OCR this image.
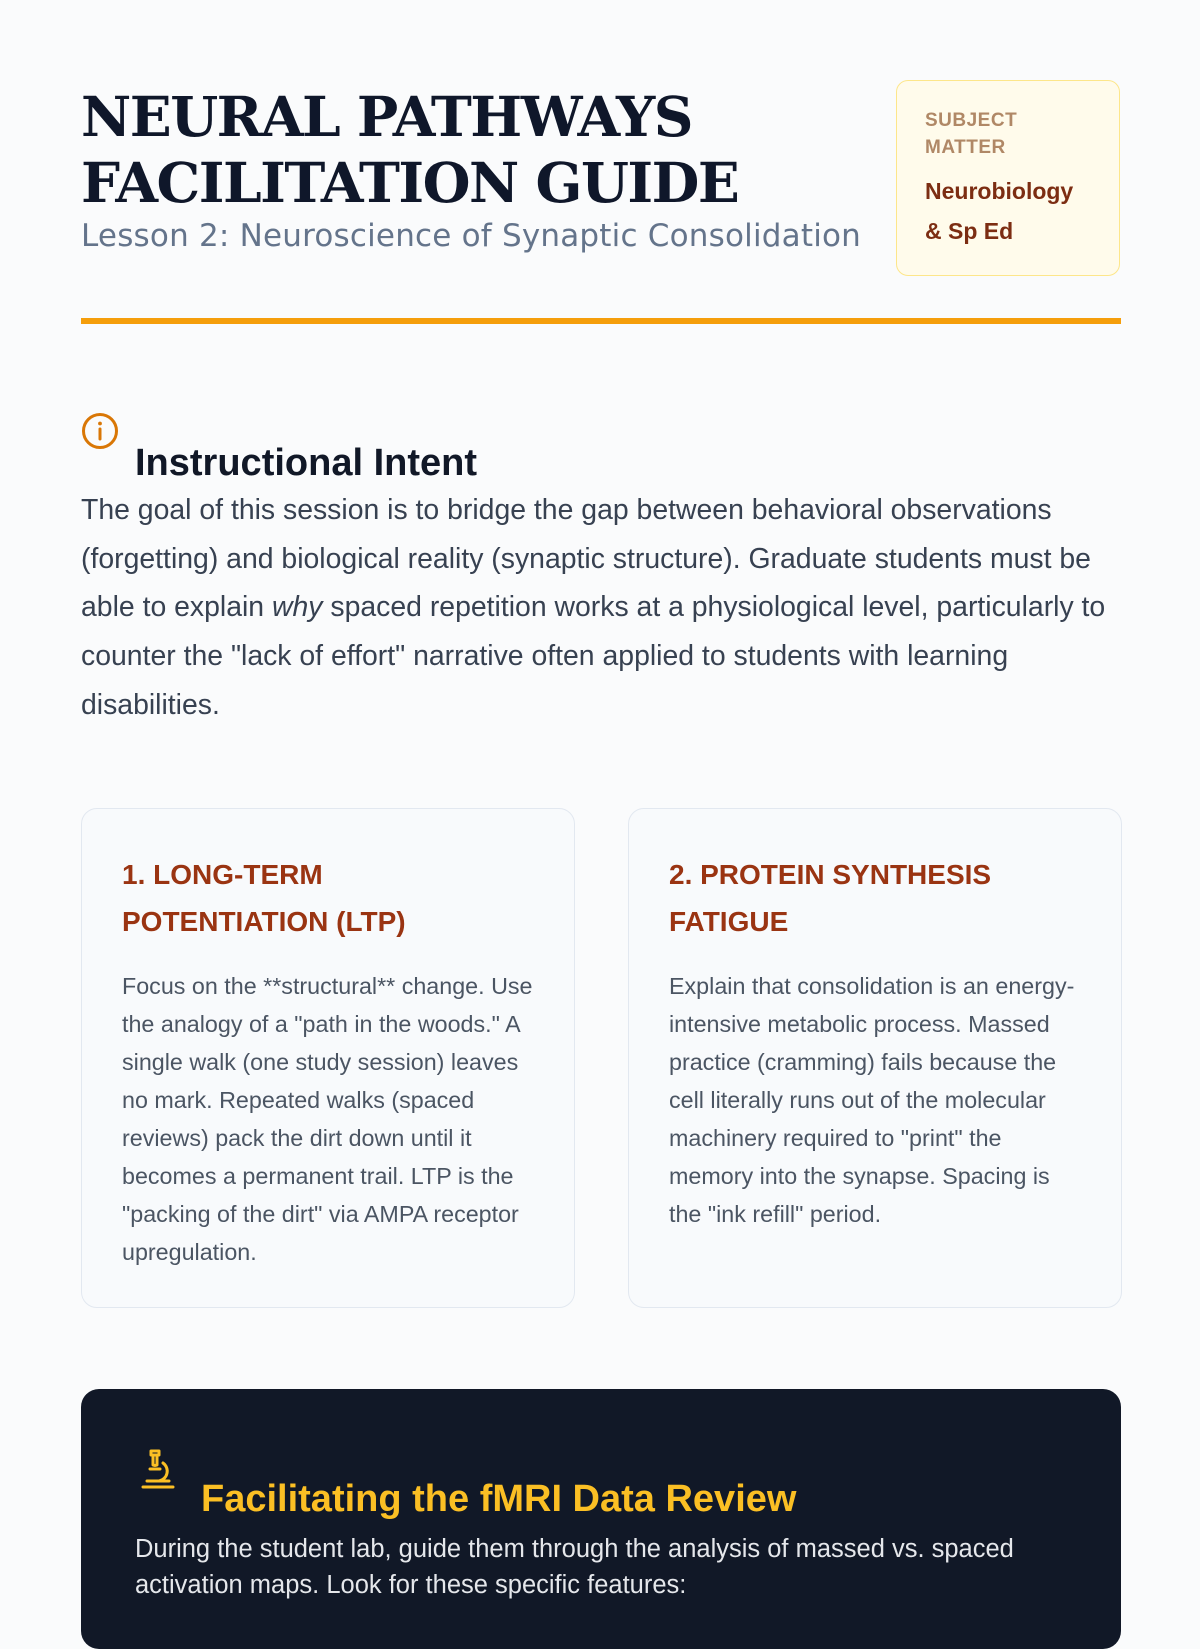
NEURAL PATHWAYS FACILITATION GUIDE
Lesson 2: Neuroscience of Synaptic Consolidation
SUBJECT MATTER
Neurobiology & Sp Ed
Instructional Intent

The goal of this session is to bridge the gap between behavioral observations (forgetting) and biological reality (synaptic structure). Graduate students must be able to explain why spaced repetition works at a physiological level, particularly to counter the "lack of effort" narrative often applied to students with learning disabilities.

1. LONG-TERM POTENTIATION (LTP)
Focus on the **structural** change. Use the analogy of a "path in the woods." A single walk (one study session) leaves no mark. Repeated walks (spaced reviews) pack the dirt down until it becomes a permanent trail. LTP is the "packing of the dirt" via AMPA receptor upregulation.
2. PROTEIN SYNTHESIS FATIGUE
Explain that consolidation is an energy-intensive metabolic process. Massed practice (cramming) fails because the cell literally runs out of the molecular machinery required to "print" the memory into the synapse. Spacing is the "ink refill" period.
Facilitating the fMRI Data Review
During the student lab, guide them through the analysis of massed vs. spaced activation maps. Look for these specific features:
